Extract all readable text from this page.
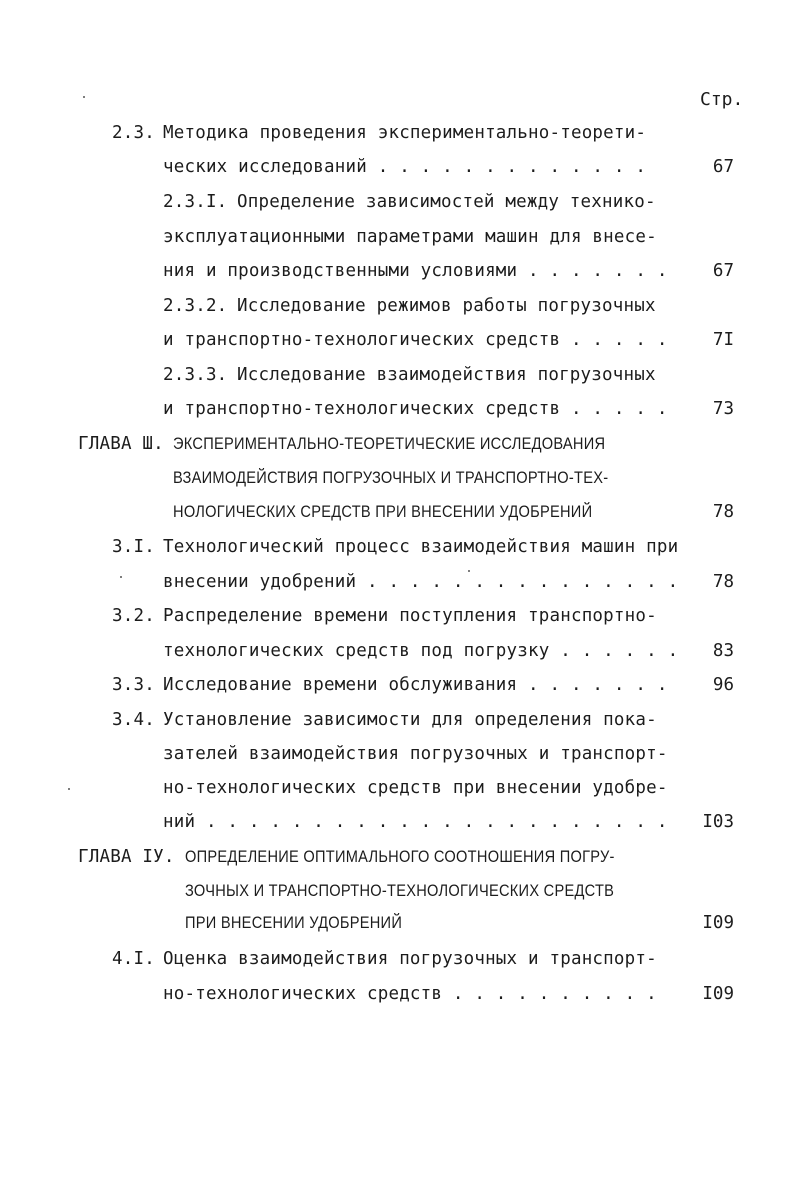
Стр.
2.3. Методика проведения экспериментально-теорети-
ческих исследований . . . . . . . . . . . . .	67
2.3.I. Определение зависимостей между технико-
эксплуатационными параметрами машин для внесе-
ния и производственными условиями . . . . . . .	67
2.3.2. Исследование режимов работы погрузочных
и транспортно-технологических средств . . . . .	7I
2.3.3. Исследование взаимодействия погрузочных
и транспортно-технологических средств . . . . .	73
ГЛАВА Ш. ЭКСПЕРИМЕНТАЛЬНО-ТЕОРЕТИЧЕСКИЕ ИССЛЕДОВАНИЯ
ВЗАИМОДЕЙСТВИЯ ПОГРУЗОЧНЫХ И ТРАНСПОРТНО-ТЕХ-
НОЛОГИЧЕСКИХ СРЕДСТВ ПРИ ВНЕСЕНИИ УДОБРЕНИЙ	78
3.I. Технологический процесс взаимодействия машин при
внесении удобрений . . . . . . . . . . . . . . .	78
3.2. Распределение времени поступления транспортно-
технологических средств под погрузку . . . . . .	83
3.3. Исследование времени обслуживания . . . . . . .	96
3.4. Установление зависимости для определения пока-
зателей взаимодействия погрузочных и транспорт-
но-технологических средств при внесении удобре-
ний . . . . . . . . . . . . . . . . . . . . . .	I03
ГЛАВА IУ. ОПРЕДЕЛЕНИЕ ОПТИМАЛЬНОГО СООТНОШЕНИЯ ПОГРУ-
ЗОЧНЫХ И ТРАНСПОРТНО-ТЕХНОЛОГИЧЕСКИХ СРЕДСТВ
ПРИ ВНЕСЕНИИ УДОБРЕНИЙ	I09
4.I. Оценка взаимодействия погрузочных и транспорт-
но-технологических средств . . . . . . . . . .	I09
